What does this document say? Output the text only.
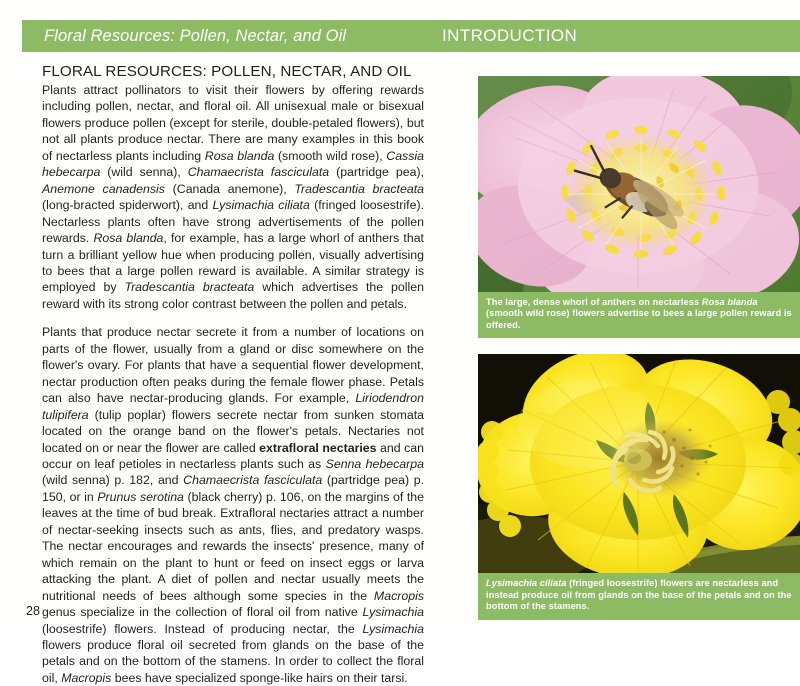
Floral Resources: Pollen, Nectar, and Oil	INTRODUCTION
FLORAL RESOURCES: POLLEN, NECTAR, AND OIL

Plants attract pollinators to visit their flowers by offering rewards including pollen, nectar, and floral oil. All unisexual male or bisexual flowers produce pollen (except for sterile, double-petaled flowers), but not all plants produce nectar. There are many examples in this book of nectarless plants including Rosa blanda (smooth wild rose), Cassia hebecarpa (wild senna), Chamaecrista fasciculata (partridge pea), Anemone canadensis (Canada anemone), Tradescantia bracteata (long-bracted spiderwort), and Lysimachia ciliata (fringed loosestrife). Nectarless plants often have strong advertisements of the pollen rewards. Rosa blanda, for example, has a large whorl of anthers that turn a brilliant yellow hue when producing pollen, visually advertising to bees that a large pollen reward is available. A similar strategy is employed by Tradescantia bracteata which advertises the pollen reward with its strong color contrast between the pollen and petals.

Plants that produce nectar secrete it from a number of locations on parts of the flower, usually from a gland or disc somewhere on the flower's ovary. For plants that have a sequential flower development, nectar production often peaks during the female flower phase. Petals can also have nectar-producing glands. For example, Liriodendron tulipifera (tulip poplar) flowers secrete nectar from sunken stomata located on the orange band on the flower's petals. Nectaries not located on or near the flower are called extrafloral nectaries and can occur on leaf petioles in nectarless plants such as Senna hebecarpa (wild senna) p. 182, and Chamaecrista fasciculata (partridge pea) p. 150, or in Prunus serotina (black cherry) p. 106, on the margins of the leaves at the time of bud break. Extrafloral nectaries attract a number of nectar-seeking insects such as ants, flies, and predatory wasps. The nectar encourages and rewards the insects' presence, many of which remain on the plant to hunt or feed on insect eggs or larva attacking the plant. A diet of pollen and nectar usually meets the nutritional needs of bees although some species in the Macropis genus specialize in the collection of floral oil from native Lysimachia (loosestrife) flowers. Instead of producing nectar, the Lysimachia flowers produce floral oil secreted from glands on the base of the petals and on the bottom of the stamens. In order to collect the floral oil, Macropis bees have specialized sponge-like hairs on their tarsi.

28
The large, dense whorl of anthers on nectarless Rosa blanda (smooth wild rose) flowers advertise to bees a large pollen reward is offered.
Lysimachia ciliata (fringed loosestrife) flowers are nectarless and instead produce oil from glands on the base of the petals and on the bottom of the stamens.
